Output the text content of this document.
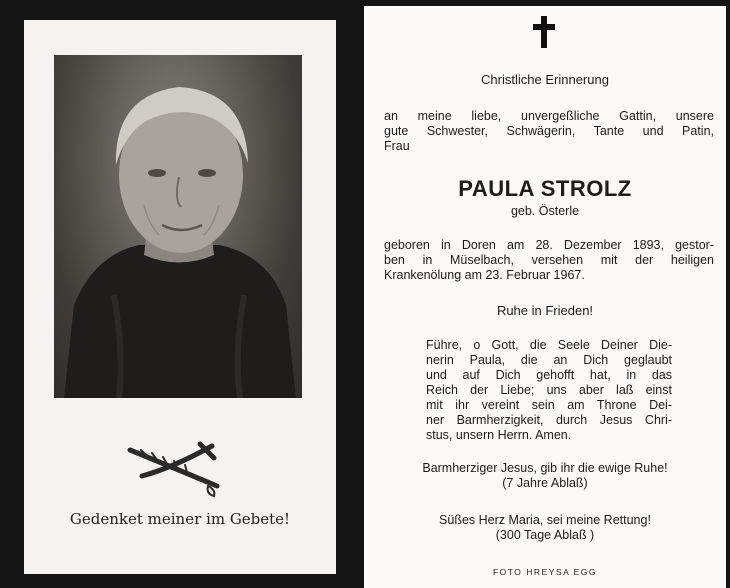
Gedenket meiner im Gebete!
Christliche Erinnerung
an meine liebe, unvergeßliche Gattin, unsere
gute Schwester, Schwägerin, Tante und Patin,
Frau
PAULA STROLZ
geb. Österle
geboren in Doren am 28. Dezember 1893, gestor-
ben in Müselbach, versehen mit der heiligen
Krankenölung am 23. Februar 1967.
Ruhe in Frieden!
Führe, o Gott, die Seele Deiner Die-
nerin Paula, die an Dich geglaubt
und auf Dich gehofft hat, in das
Reich der Liebe; uns aber laß einst
mit ihr vereint sein am Throne Dei-
ner Barmherzigkeit, durch Jesus Chri-
stus, unsern Herrn. Amen.
Barmherziger Jesus, gib ihr die ewige Ruhe!
(7 Jahre Ablaß)
Süßes Herz Maria, sei meine Rettung!
(300 Tage Ablaß )
FOTO HREYSA EGG
